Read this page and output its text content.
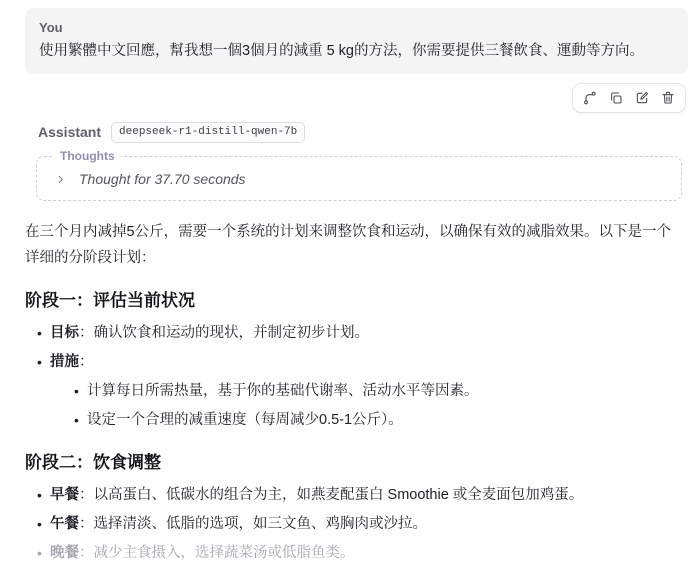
You
使用繁體中文回應，幫我想一個3個月的減重 5 kg的方法，你需要提供三餐飲食、運動等方向。
Assistant	deepseek-r1-distill-qwen-7b
Thoughts
Thought for 37.70 seconds

在三个月内减掉5公斤，需要一个系统的计划来调整饮食和运动，以确保有效的减脂效果。以下是一个详细的分阶段计划：

阶段一：评估当前状况
• 目标：确认饮食和运动的现状，并制定初步计划。
• 措施：
• 计算每日所需热量，基于你的基础代谢率、活动水平等因素。
• 设定一个合理的减重速度（每周减少0.5-1公斤）。
阶段二：饮食调整
• 早餐：以高蛋白、低碳水的组合为主，如燕麦配蛋白 Smoothie 或全麦面包加鸡蛋。
• 午餐：选择清淡、低脂的选项，如三文鱼、鸡胸肉或沙拉。
• 晚餐：减少主食摄入，选择蔬菜汤或低脂鱼类。
